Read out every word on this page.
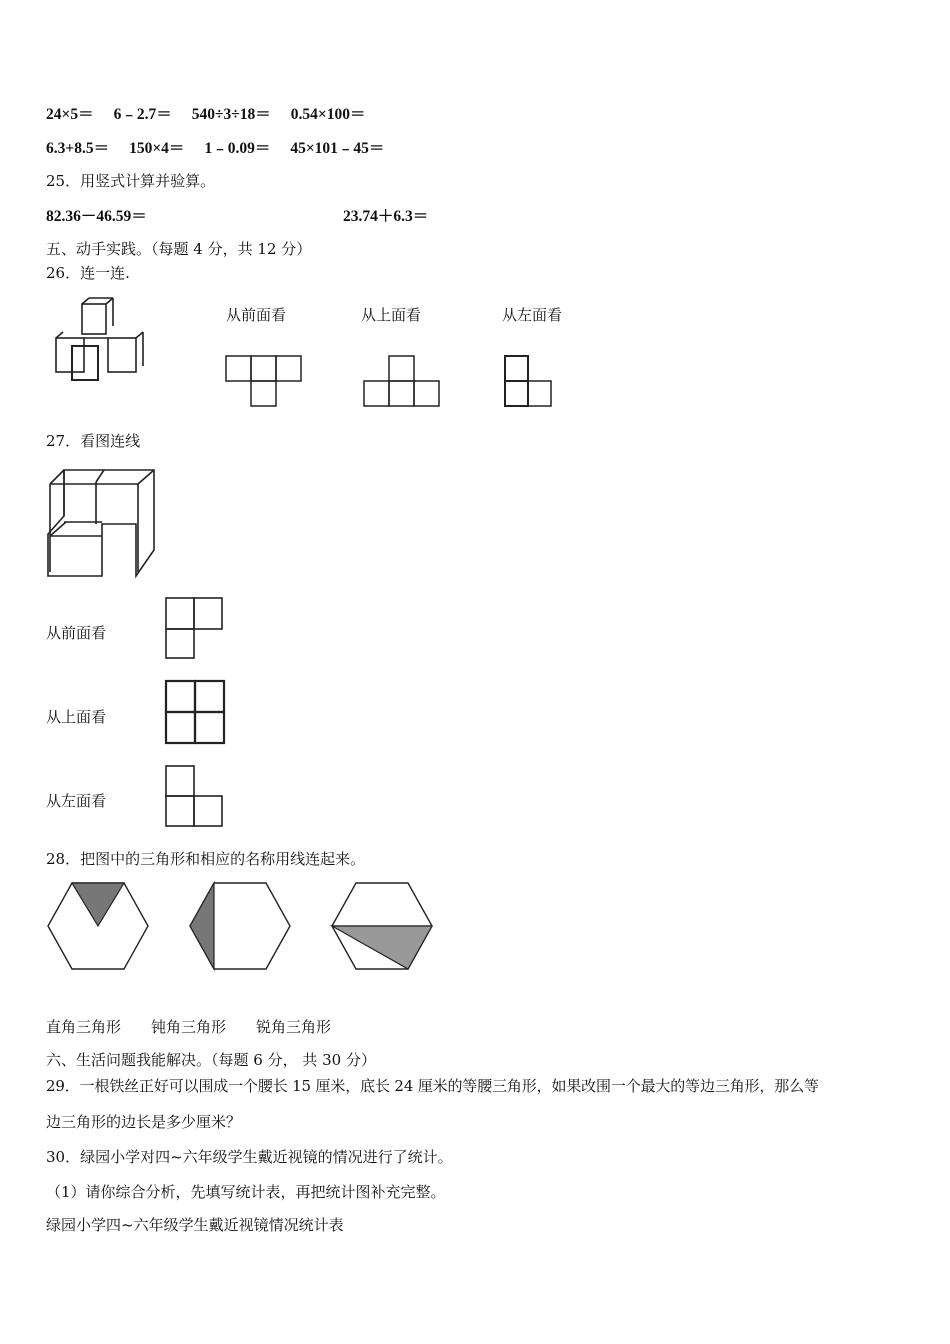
24×5＝ 6﹣2.7＝ 540÷3÷18＝ 0.54×100＝
6.3+8.5＝ 150×4＝ 1﹣0.09＝ 45×101﹣45＝
25．用竖式计算并验算。
82.36－46.59＝	23.74＋6.3＝
五、动手实践。（每题 4 分，共 12 分）
26．连一连.
从前面看	从上面看	从左面看
27．看图连线
从前面看
从上面看
从左面看
28．把图中的三角形和相应的名称用线连起来。
直角三角形 钝角三角形 锐角三角形
六、生活问题我能解决。（每题 6 分， 共 30 分）
29．一根铁丝正好可以围成一个腰长 15 厘米，底长 24 厘米的等腰三角形，如果改围一个最大的等边三角形，那么等
边三角形的边长是多少厘米？
30．绿园小学对四~六年级学生戴近视镜的情况进行了统计。
（1）请你综合分析，先填写统计表，再把统计图补充完整。
绿园小学四~六年级学生戴近视镜情况统计表
